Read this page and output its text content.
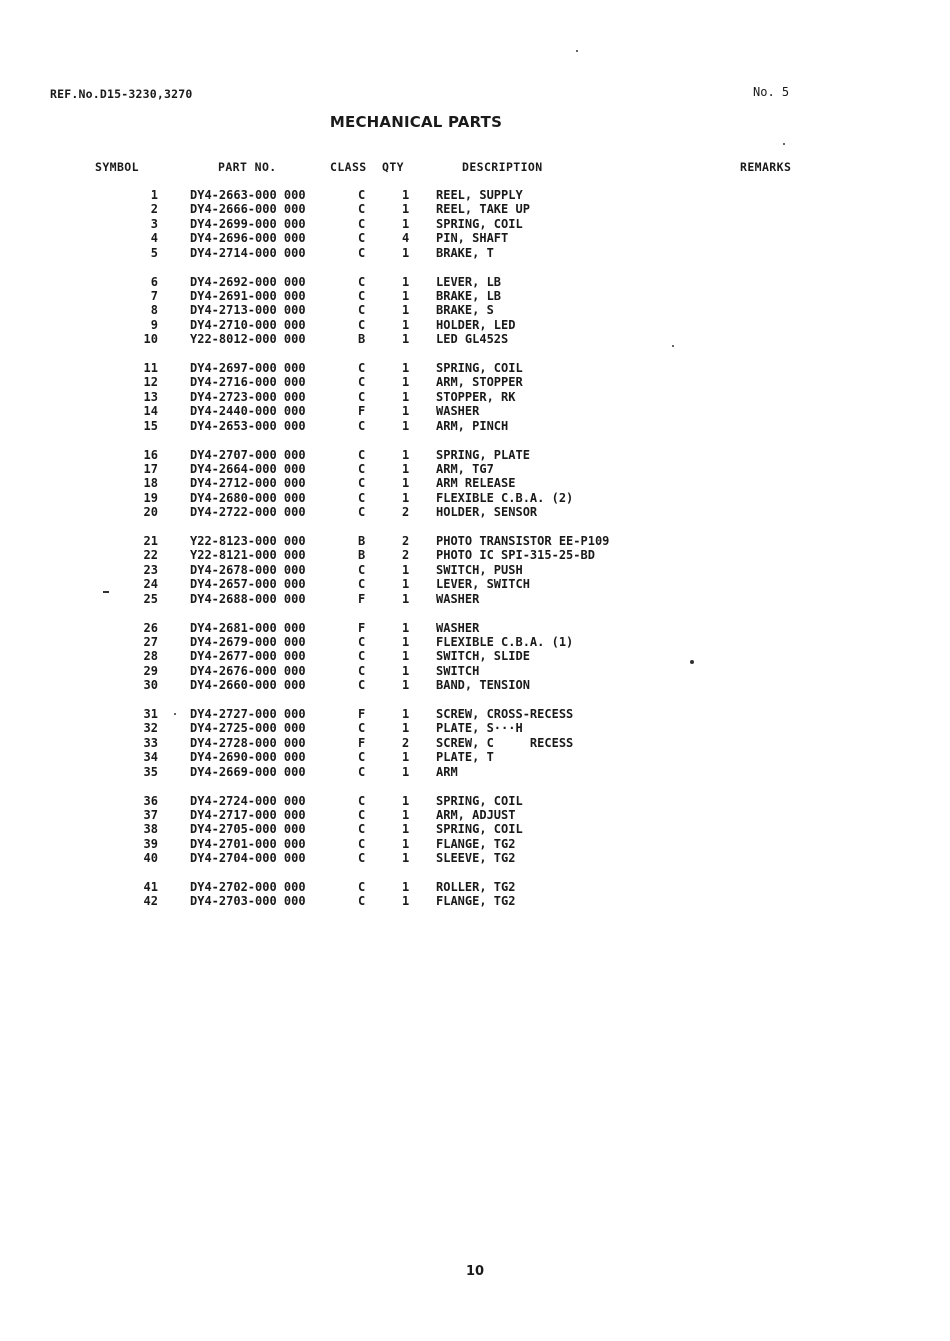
REF.No.D15-3230,3270	No. 5
MECHANICAL PARTS
SYMBOL	PART NO.	CLASS QTY	DESCRIPTION	REMARKS
1	DY4-2663-000 000	C	1 REEL, SUPPLY
2	DY4-2666-000 000	C	1 REEL, TAKE UP
3	DY4-2699-000 000	C	1 SPRING, COIL
4	DY4-2696-000 000	C	4 PIN, SHAFT
5	DY4-2714-000 000	C	1 BRAKE, T
6	DY4-2692-000 000	C	1 LEVER, LB
7	DY4-2691-000 000	C	1 BRAKE, LB
8	DY4-2713-000 000	C	1 BRAKE, S
9	DY4-2710-000 000	C	1 HOLDER, LED
10	Y22-8012-000 000	B	1 LED GL452S
11	DY4-2697-000 000	C	1 SPRING, COIL
12	DY4-2716-000 000	C	1 ARM, STOPPER
13	DY4-2723-000 000	C	1 STOPPER, RK
14	DY4-2440-000 000	F	1 WASHER
15	DY4-2653-000 000	C	1 ARM, PINCH
16	DY4-2707-000 000	C	1 SPRING, PLATE
17	DY4-2664-000 000	C	1 ARM, TG7
18	DY4-2712-000 000	C	1 ARM RELEASE
19	DY4-2680-000 000	C	1 FLEXIBLE C.B.A. (2)
20	DY4-2722-000 000	C	2 HOLDER, SENSOR
21	Y22-8123-000 000	B	2 PHOTO TRANSISTOR EE-P109
22	Y22-8121-000 000	B	2 PHOTO IC SPI-315-25-BD
23	DY4-2678-000 000	C	1 SWITCH, PUSH
24	DY4-2657-000 000	C	1 LEVER, SWITCH
25	DY4-2688-000 000	F	1 WASHER
26	DY4-2681-000 000	F	1 WASHER
27	DY4-2679-000 000	C	1 FLEXIBLE C.B.A. (1)
28	DY4-2677-000 000	C	1 SWITCH, SLIDE
29	DY4-2676-000 000	C	1 SWITCH
30	DY4-2660-000 000	C	1 BAND, TENSION
31	DY4-2727-000 000	F	1 SCREW, CROSS-RECESS
32	DY4-2725-000 000	C	1 PLATE, S···H
33	DY4-2728-000 000	F	2 SCREW, C     RECESS
34	DY4-2690-000 000	C	1 PLATE, T
35	DY4-2669-000 000	C	1 ARM
36	DY4-2724-000 000	C	1 SPRING, COIL
37	DY4-2717-000 000	C	1 ARM, ADJUST
38	DY4-2705-000 000	C	1 SPRING, COIL
39	DY4-2701-000 000	C	1 FLANGE, TG2
40	DY4-2704-000 000	C	1 SLEEVE, TG2
41	DY4-2702-000 000	C	1 ROLLER, TG2
42	DY4-2703-000 000	C	1 FLANGE, TG2
10
